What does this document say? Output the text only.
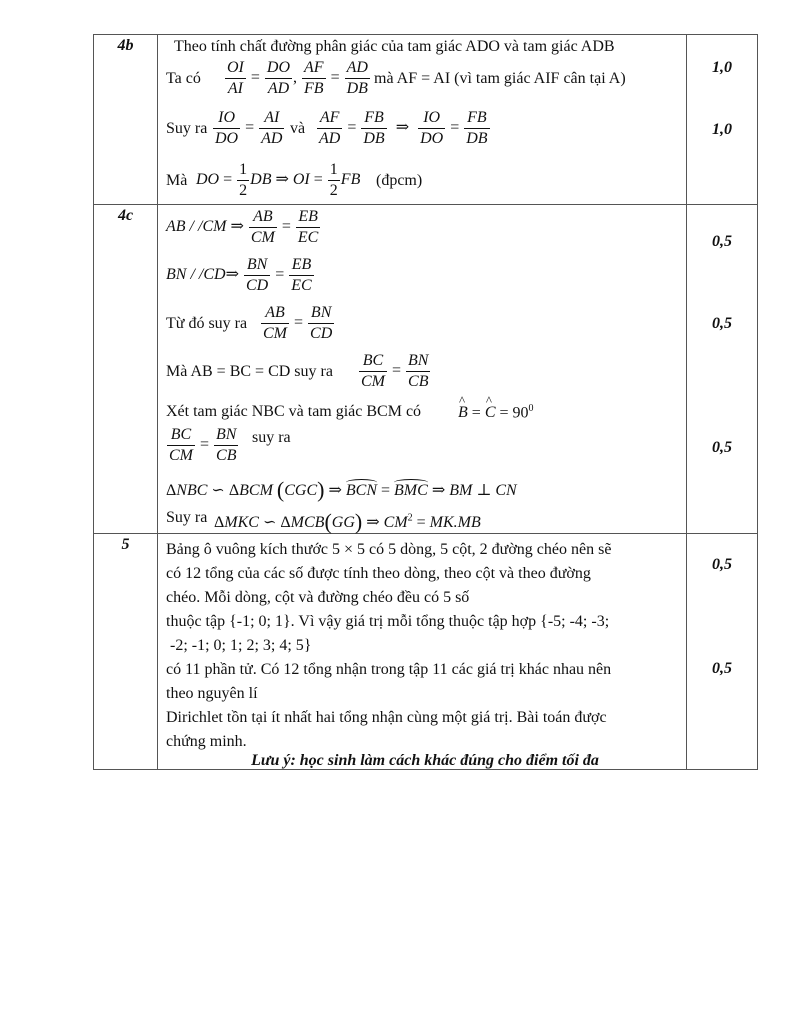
4b	Theo tính chất đường phân giác của tam giác ADO và tam giác ADB
Ta có $\frac{OI}{AI} = \frac{DO}{AD}$ , $\frac{AF}{FB} = \frac{AD}{DB}$ mà AF = AI (vì tam giác AIF cân tại A)
Suy ra $\frac{IO}{DO} = \frac{AI}{AD}$ và $\frac{AF}{AD} = \frac{FB}{DB}$ ⇒ $\frac{IO}{DO} = \frac{FB}{DB}$
Mà DO = $\frac{1}{2}$ DB ⇒ OI = $\frac{1}{2}$ FB (đpcm)

1,0
1,0

4c	
AB / /CM ⇒ $\frac{AB}{CM} = \frac{EB}{EC}$
BN / /CD⇒ $\frac{BN}{CD} = \frac{EB}{EC}$
Từ đó suy ra $\frac{AB}{CM} = \frac{BN}{CD}$
Mà AB = BC = CD suy ra $\frac{BC}{CM} = \frac{BN}{CB}$
Xét tam giác NBC và tam giác BCM có
^ B = ^ $C = 90^0$
$\frac{BC}{CM} = \frac{BN}{CB}$ suy ra
ΔNBC ∽ ΔBCM (CGC) ⇒ BCN = BMC ⇒ BM ⊥ CN
Suy ra ΔMKC ∽ ΔMCB(GG) ⇒ $CM^2 = MK.MB$

0,5
0,5
0,5

5	Bảng ô vuông kích thước 5 × 5 có 5 dòng, 5 cột, 2 đường chéo nên sẽ
có 12 tổng của các số được tính theo dòng, theo cột và theo đường
chéo. Mỗi dòng, cột và đường chéo đều có 5 số
thuộc tập {-1; 0; 1}. Vì vậy giá trị mỗi tổng thuộc tập hợp {-5; -4; -3;
-2; -1; 0; 1; 2; 3; 4; 5}
có 11 phần tử. Có 12 tổng nhận trong tập 11 các giá trị khác nhau nên
theo nguyên lí
Dirichlet tồn tại ít nhất hai tổng nhận cùng một giá trị. Bài toán được
chứng minh.

0,5
0,5
Lưu ý: học sinh làm cách khác đúng cho điểm tối đa
